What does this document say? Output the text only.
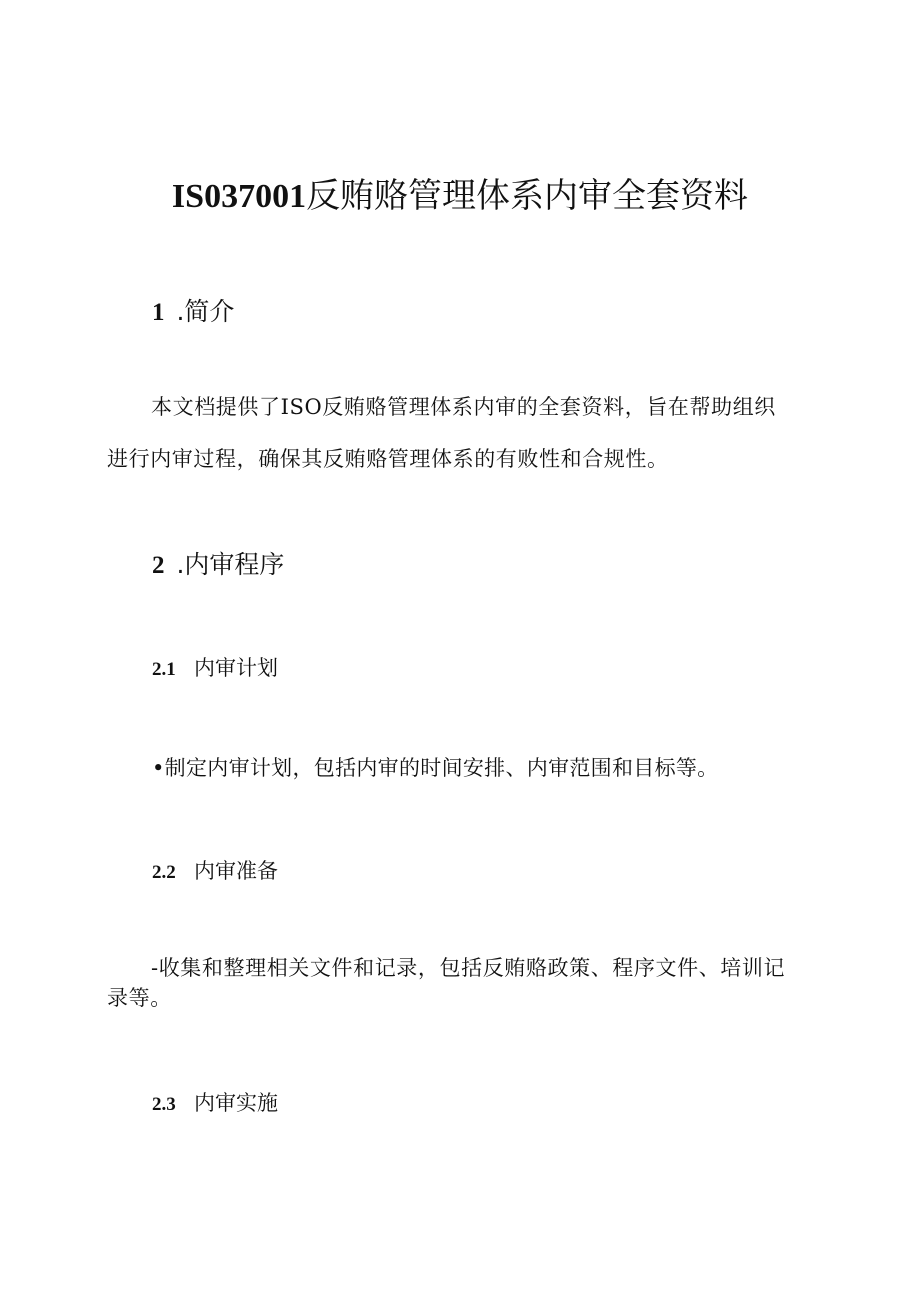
IS037001反贿赂管理体系内审全套资料
1 .简介

本文档提供了ISO反贿赂管理体系内审的全套资料，旨在帮助组织进行内审过程，确保其反贿赂管理体系的有败性和合规性。

2 .内审程序
2.1 内审计划

•制定内审计划，包括内审的时间安排、内审范围和目标等。

2.2 内审准备

-收集和整理相关文件和记录，包括反贿赂政策、程序文件、培训记录等。

2.3 内审实施
